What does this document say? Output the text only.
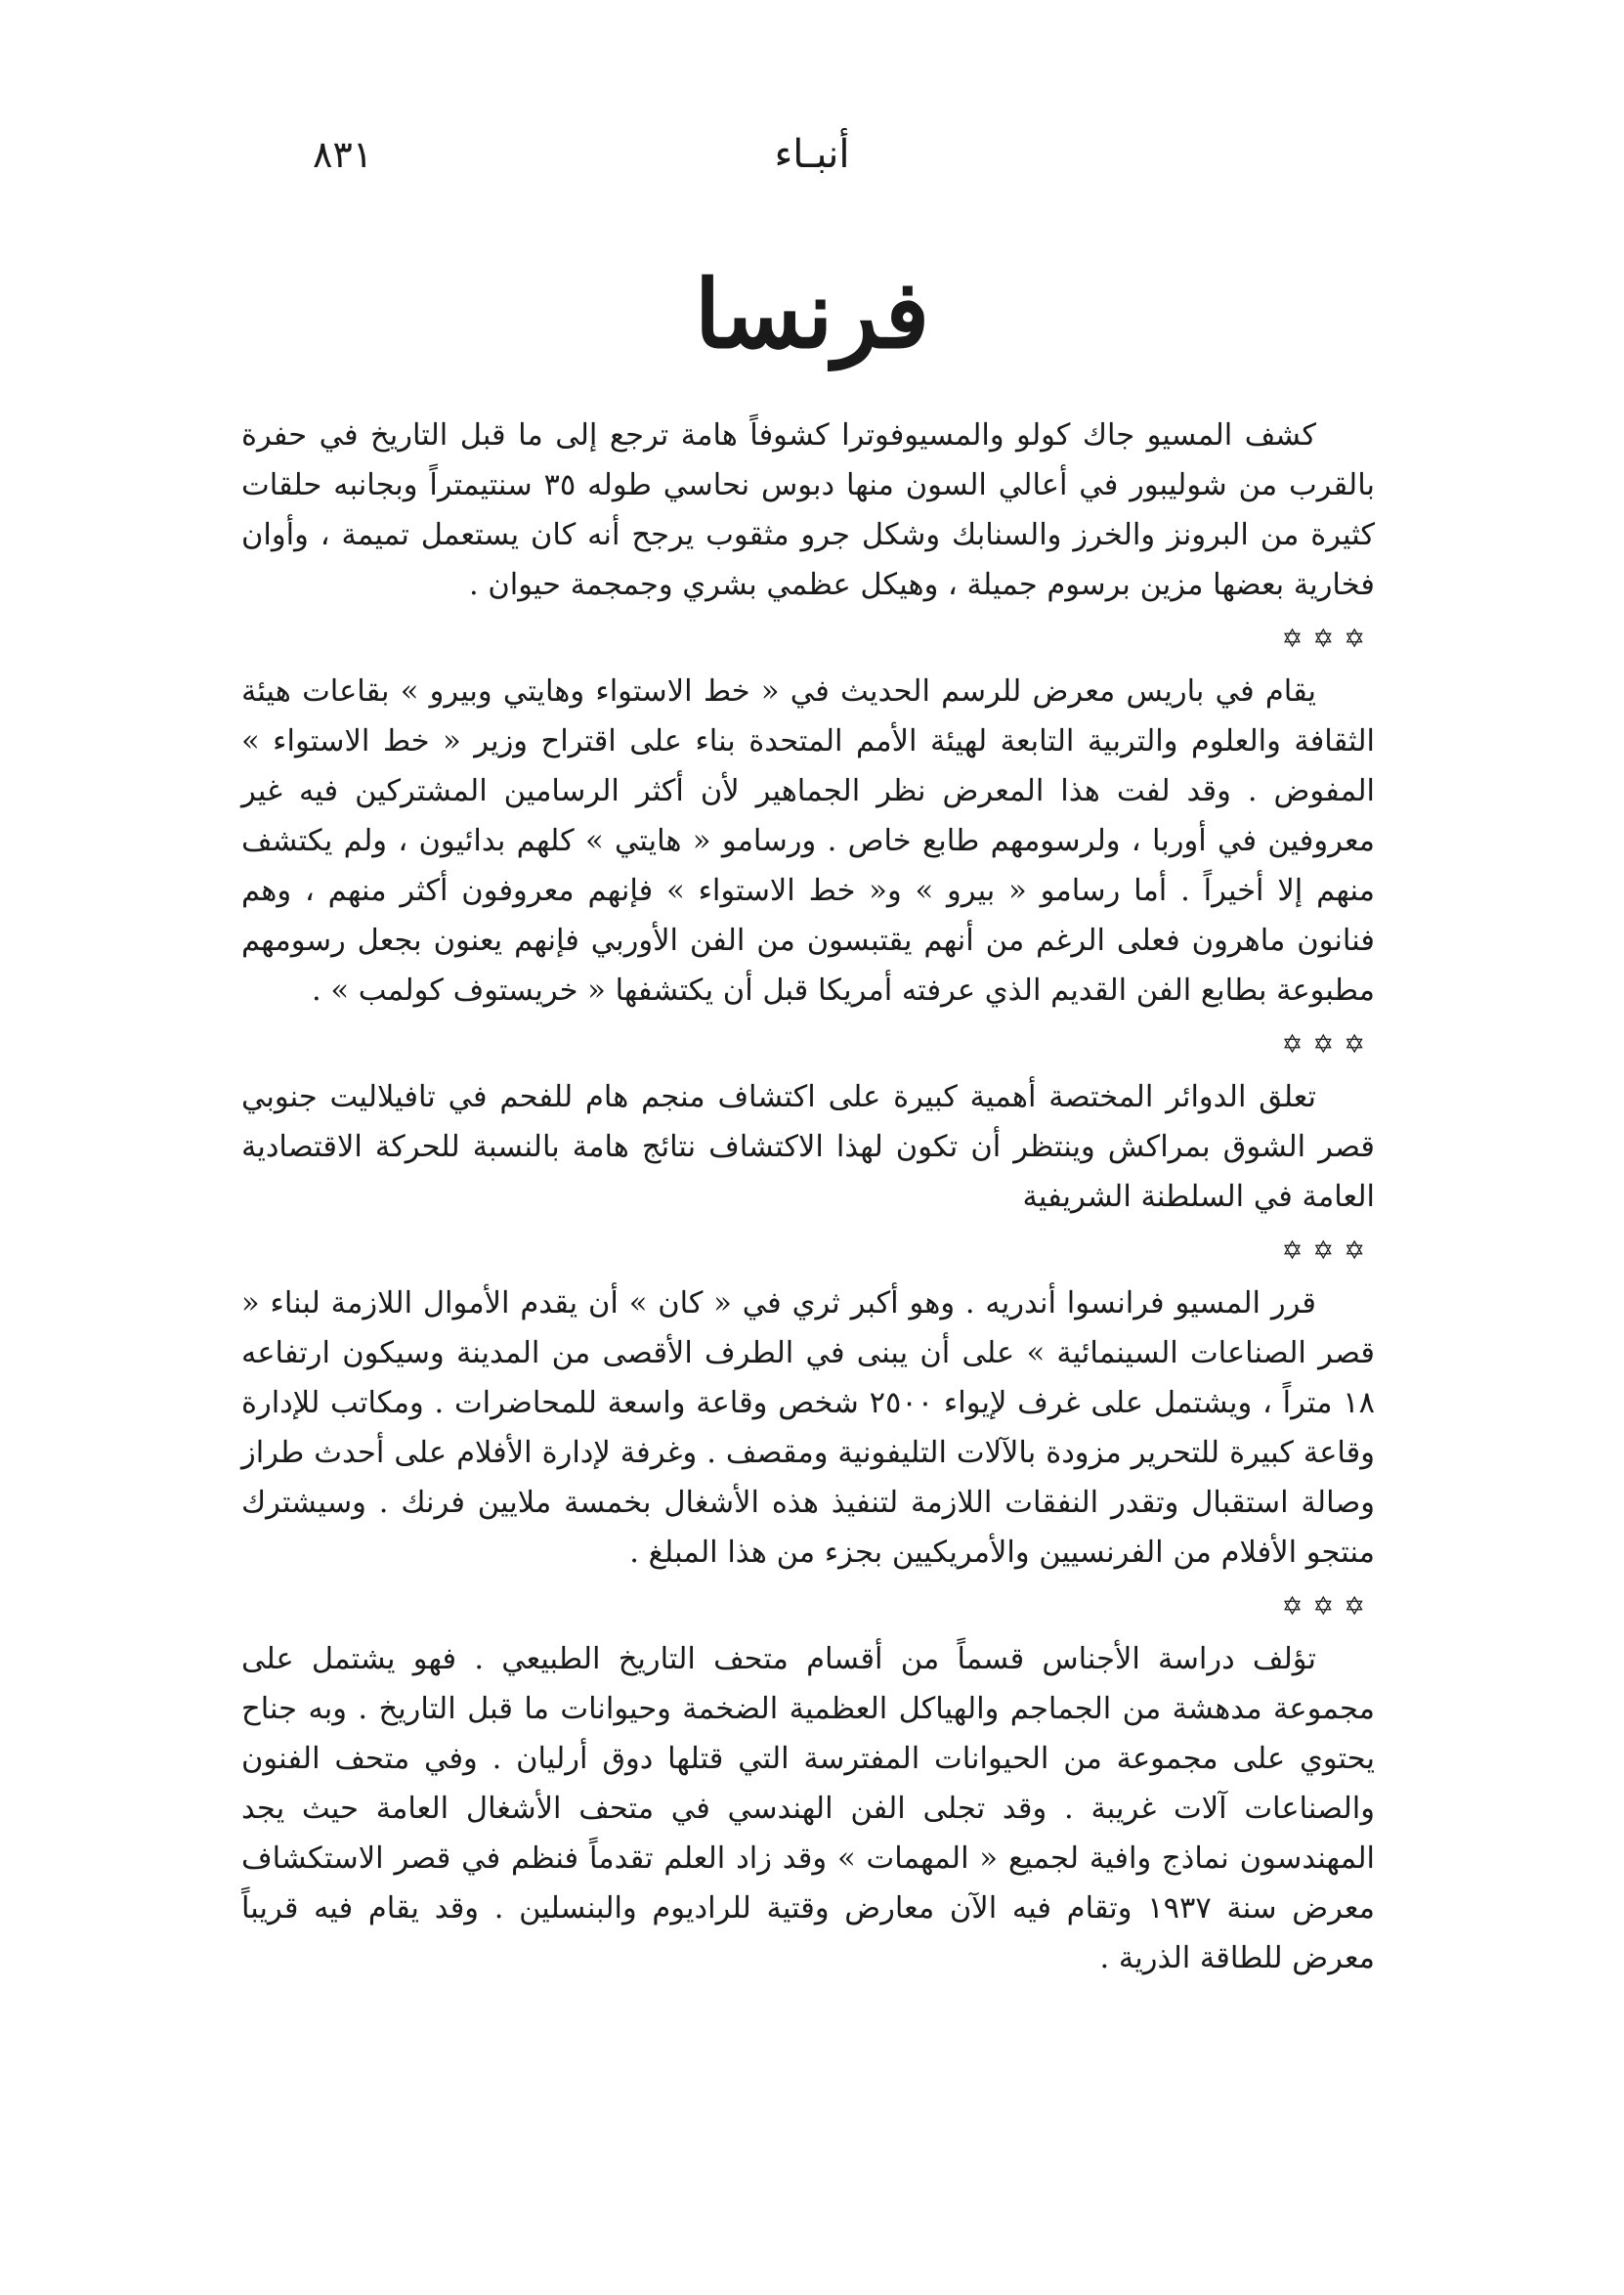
أنبـاء
٨٣١
فرنسا

كشف المسيو جاك كولو والمسيوفوترا كشوفاً هامة ترجع إلى ما قبل التاريخ في حفرة بالقرب من شوليبور في أعالي السون منها دبوس نحاسي طوله ٣٥ سنتيمتراً وبجانبه حلقات كثيرة من البرونز والخرز والسنابك وشكل جرو مثقوب يرجح أنه كان يستعمل تميمة ، وأوان فخارية بعضها مزين برسوم جميلة ، وهيكل عظمي بشري وجمجمة حيوان .

✡✡✡

يقام في باريس معرض للرسم الحديث في « خط الاستواء وهايتي وبيرو » بقاعات هيئة الثقافة والعلوم والتربية التابعة لهيئة الأمم المتحدة بناء على اقتراح وزير « خط الاستواء » المفوض . وقد لفت هذا المعرض نظر الجماهير لأن أكثر الرسامين المشتركين فيه غير معروفين في أوربا ، ولرسومهم طابع خاص . ورسامو « هايتي » كلهم بدائيون ، ولم يكتشف منهم إلا أخيراً . أما رسامو « بيرو » و« خط الاستواء » فإنهم معروفون أكثر منهم ، وهم فنانون ماهرون فعلى الرغم من أنهم يقتبسون من الفن الأوربي فإنهم يعنون بجعل رسومهم مطبوعة بطابع الفن القديم الذي عرفته أمريكا قبل أن يكتشفها « خريستوف كولمب » .

✡✡✡

تعلق الدوائر المختصة أهمية كبيرة على اكتشاف منجم هام للفحم في تافيلاليت جنوبي قصر الشوق بمراكش وينتظر أن تكون لهذا الاكتشاف نتائج هامة بالنسبة للحركة الاقتصادية العامة في السلطنة الشريفية

✡✡✡

قرر المسيو فرانسوا أندريه . وهو أكبر ثري في « كان » أن يقدم الأموال اللازمة لبناء « قصر الصناعات السينمائية » على أن يبنى في الطرف الأقصى من المدينة وسيكون ارتفاعه ١٨ متراً ، ويشتمل على غرف لإيواء ٢٥٠٠ شخص وقاعة واسعة للمحاضرات . ومكاتب للإدارة وقاعة كبيرة للتحرير مزودة بالآلات التليفونية ومقصف . وغرفة لإدارة الأفلام على أحدث طراز وصالة استقبال وتقدر النفقات اللازمة لتنفيذ هذه الأشغال بخمسة ملايين فرنك . وسيشترك منتجو الأفلام من الفرنسيين والأمريكيين بجزء من هذا المبلغ .

✡✡✡

تؤلف دراسة الأجناس قسماً من أقسام متحف التاريخ الطبيعي . فهو يشتمل على مجموعة مدهشة من الجماجم والهياكل العظمية الضخمة وحيوانات ما قبل التاريخ . وبه جناح يحتوي على مجموعة من الحيوانات المفترسة التي قتلها دوق أرليان . وفي متحف الفنون والصناعات آلات غريبة . وقد تجلى الفن الهندسي في متحف الأشغال العامة حيث يجد المهندسون نماذج وافية لجميع « المهمات » وقد زاد العلم تقدماً فنظم في قصر الاستكشاف معرض سنة ١٩٣٧ وتقام فيه الآن معارض وقتية للراديوم والبنسلين . وقد يقام فيه قريباً معرض للطاقة الذرية .
